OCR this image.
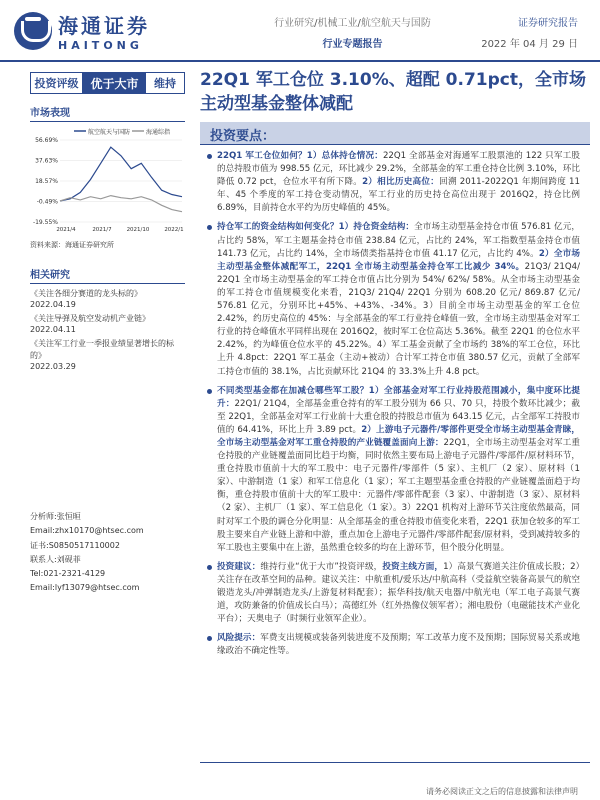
海通证券
HAITONG
行业研究/机械工业/航空航天与国防
行业专题报告
证券研究报告
2022 年 04 月 29 日
投资评级 优于大市	维持
市场表现
航空航天与国防	海通综指
56.69%
37.63%
18.57%
-0.49%
-19.55%
2021/4	2021/7	2021/10	2022/1
资料来源：海通证券研究所
相关研究
《关注各细分赛道的龙头标的》
2022.04.19
《关注导弹及航空发动机产业链》
2022.04.11
《关注军工行业一季报业绩显著增长的标的》
2022.03.29
分析师:张恒晅
Email:zhx10170@htsec.com
证书:S0850517110002
联系人:刘砚菲
Tel:021-2321-4129
Email:lyf13079@htsec.com
22Q1 军工仓位 3.10%、超配 0.71pct，全市场主动型基金整体减配
投资要点：
22Q1 军工仓位如何？1）总体持仓情况：22Q1 全部基金对海通军工股票池的 122 只军工股的总持股市值为 998.55 亿元，环比减少 29.2%，全部基金的军工重仓持仓比例 3.10%，环比降低 0.72 pct，仓位水平有所下降。2）相比历史高位：回溯 2011-2022Q1 年期间跨度 11 年、45 个季度的军工持仓变动情况，军工行业的历史持仓高位出现于 2016Q2，持仓比例 6.89%，目前持仓水平约为历史峰值的 45%。
持仓军工的资金结构如何变化？1）持仓资金结构：全市场主动型基金持仓市值 576.81 亿元，占比约 58%，军工主题基金持仓市值 238.84 亿元，占比约 24%，军工指数型基金持仓市值 141.73 亿元，占比约 14%，全市场债类指基持仓市值 41.17 亿元，占比约 4%。2）全市场主动型基金整体减配军工，22Q1 全市场主动型基金持仓军工比减少 34%。21Q3/ 21Q4/ 22Q1 全市场主动型基金的军工持仓市值占比分别为 54%/ 62%/ 58%。从全市场主动型基金的军工持仓市值规模变化来看，21Q3/ 21Q4/ 22Q1 分别为 608.20 亿元/ 869.87 亿元/ 576.81 亿元，分别环比+45%、+43%、-34%。3）目前全市场主动型基金的军工仓位 2.42%，约历史高位的 45%：与全部基金的军工行业持仓峰值一致，全市场主动型基金对军工行业的持仓峰值水平同样出现在 2016Q2，彼时军工仓位高达 5.36%。截至 22Q1 的仓位水平 2.42%，约为峰值仓位水平的 45.22%。4）军工基金贡献了全市场约 38%的军工仓位，环比上升 4.8pct：22Q1 军工基金（主动+被动）合计军工持仓市值 380.57 亿元，贡献了全部军工持仓市值的 38.1%，占比贡献环比 21Q4 的 33.3%上升 4.8 pct。
不同类型基金都在加减仓哪些军工股？1）全部基金对军工行业持股范围减小，集中度环比提升：22Q1/ 21Q4，全部基金重仓持有的军工股分别为 66 只、70 只，持股个数环比减少；截至 22Q1，全部基金对军工行业前十大重仓股的持股总市值为 643.15 亿元，占全部军工持股市值的 64.41%，环比上升 3.89 pct。2）上游电子元器件/零部件更受全市场主动型基金青睐，全市场主动型基金对军工重仓持股的产业链覆盖面向上游：22Q1，全市场主动型基金对军工重仓持股的产业链覆盖面同比趋于均衡，同时依然主要布局上游电子元器件/零部件/原材料环节，重仓持股市值前十大的军工股中：电子元器件/零部件（5 家）、主机厂（2 家）、原材料（1 家）、中游制造（1 家）和军工信息化（1 家）；军工主题型基金重仓持股的产业链覆盖面趋于均衡，重仓持股市值前十大的军工股中：元器件/零部件配套（3 家）、中游制造（3 家）、原材料（2 家）、主机厂（1 家）、军工信息化（1 家）。3）22Q1 机构对上游环节关注度依然最高，同时对军工个股的调仓分化明显：从全部基金的重仓持股市值变化来看，22Q1 获加仓较多的军工股主要来自产业链上游和中游，重点加仓上游电子元器件/零部件配套/原材料，受到减持较多的军工股也主要集中在上游，虽然重仓较多的均在上游环节，但个股分化明显。
投资建议：维持行业“优于大市”投资评级，投资主线方面，1）高景气赛道关注价值成长股；2）关注存在改革空间的品种。建议关注：中航重机/爱乐达/中航高科（受益航空装备高景气的航空锻造龙头/冲弹制造龙头/上游复材料配套）；振华科技/航天电器/中航光电（军工电子高景气赛道，攻防兼备的价值成长白马）；高德红外（红外热像仪领军者）；湘电股份（电磁能技术产业化平台）；天奥电子（时频行业领军企业）。
风险提示：军费支出规模或装备列装进度不及预期；军工改革力度不及预期；国际贸易关系或地缘政治不确定性等。
请务必阅读正文之后的信息披露和法律声明
